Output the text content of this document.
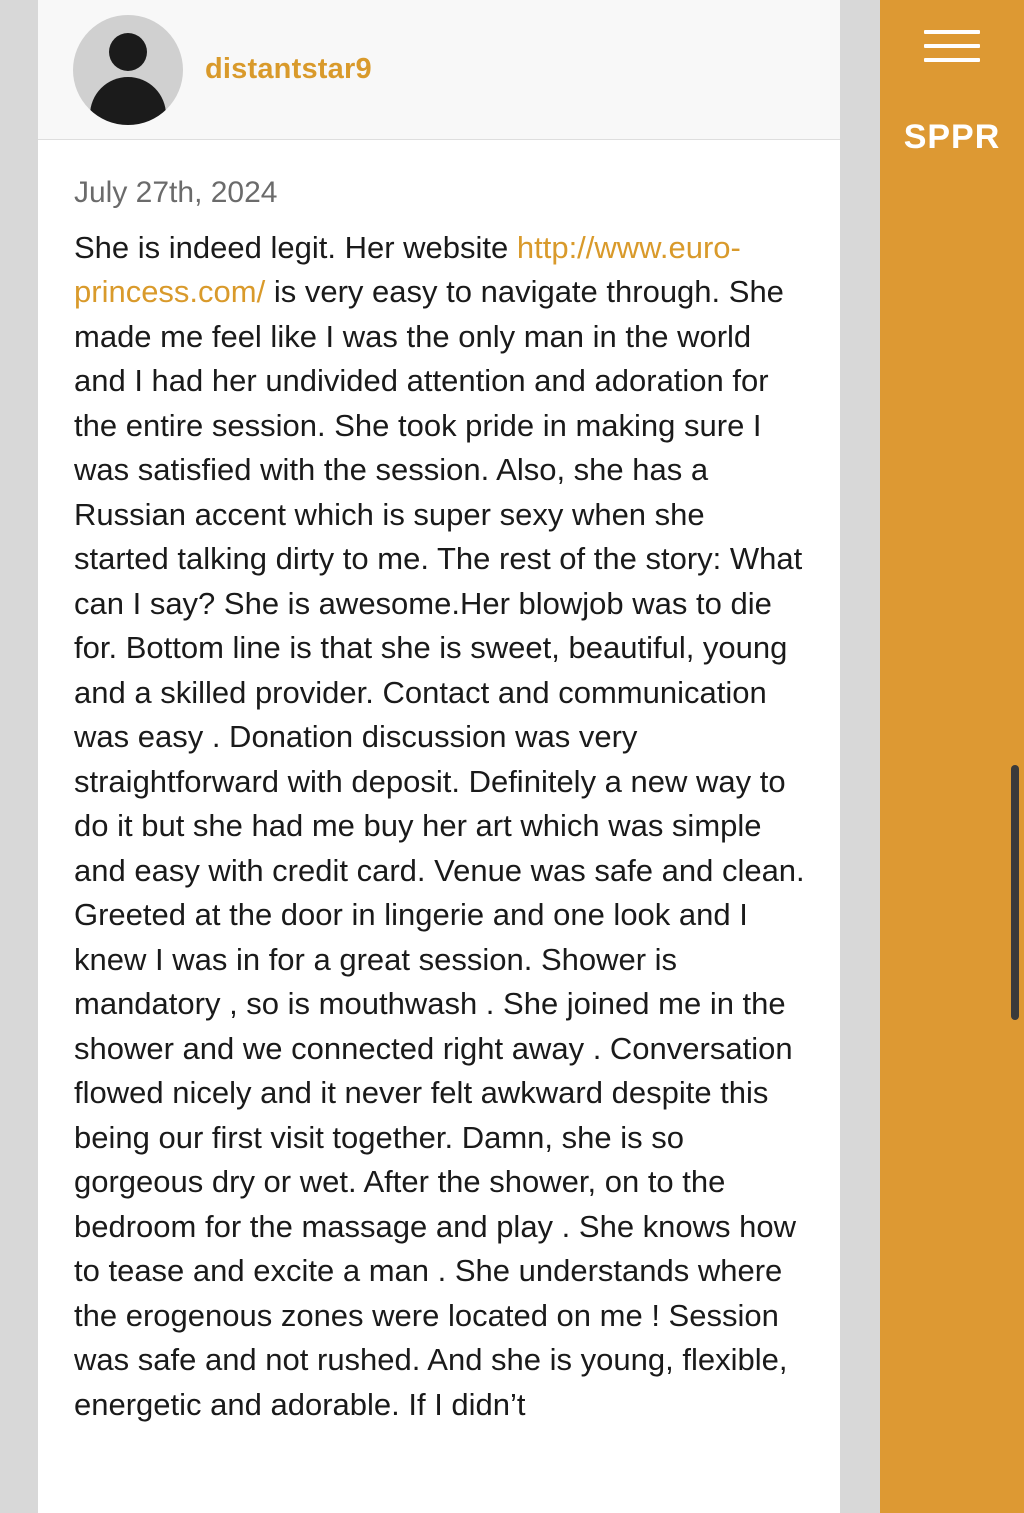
distantstar9
July 27th, 2024
She is indeed legit. Her website http://www.euro-princess.com/ is very easy to navigate through. She made me feel like I was the only man in the world and I had her undivided attention and adoration for the entire session. She took pride in making sure I was satisfied with the session. Also, she has a Russian accent which is super sexy when she started talking dirty to me. The rest of the story: What can I say? She is awesome.Her blowjob was to die for. Bottom line is that she is sweet, beautiful, young and a skilled provider. Contact and communication was easy . Donation discussion was very straightforward with deposit. Definitely a new way to do it but she had me buy her art which was simple and easy with credit card. Venue was safe and clean. Greeted at the door in lingerie and one look and I knew I was in for a great session. Shower is mandatory , so is mouthwash . She joined me in the shower and we connected right away . Conversation flowed nicely and it never felt awkward despite this being our first visit together. Damn, she is so gorgeous dry or wet. After the shower, on to the bedroom for the massage and play . She knows how to tease and excite a man . She understands where the erogenous zones were located on me ! Session was safe and not rushed. And she is young, flexible, energetic and adorable. If I didn’t
SPPR
